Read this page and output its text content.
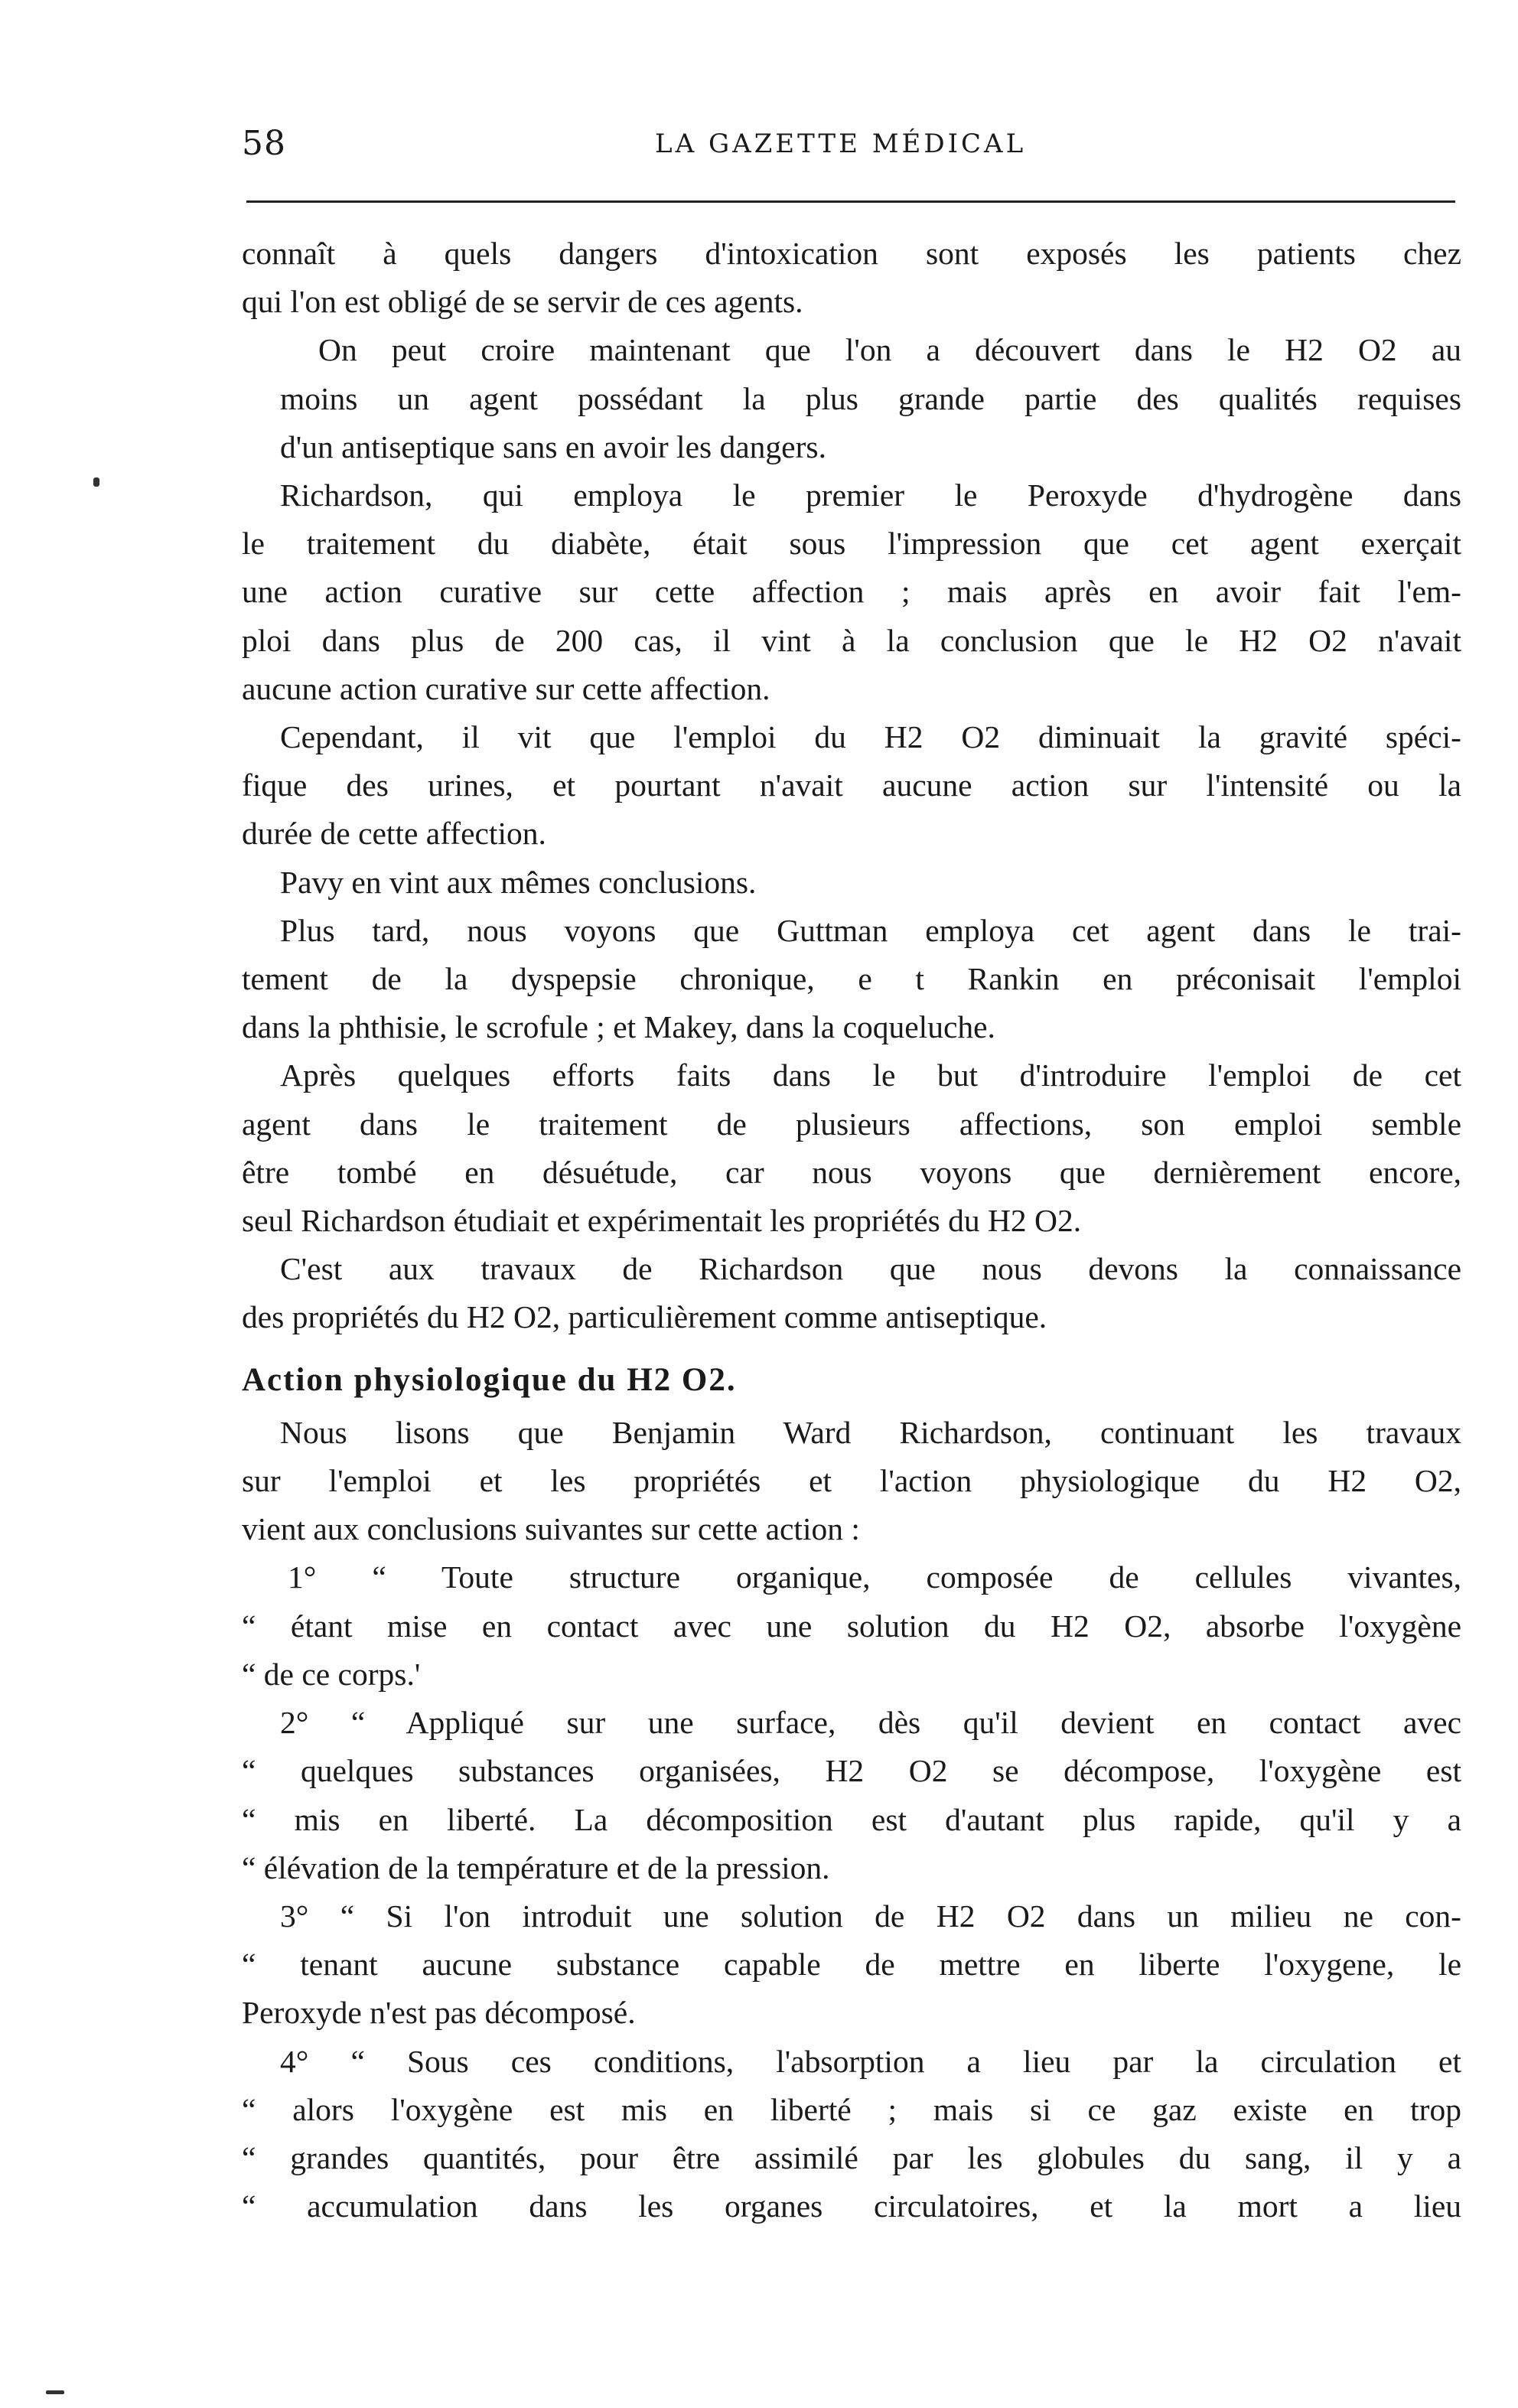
58	LA GAZETTE MÉDICAL

connaît à quels dangers d'intoxication sont exposés les patients chez
qui l'on est obligé de se servir de ces agents.

On peut croire maintenant que l'on a découvert dans le H2 O2 au
moins un agent possédant la plus grande partie des qualités requises
d'un antiseptique sans en avoir les dangers.

Richardson, qui employa le premier le Peroxyde d'hydrogène dans
le traitement du diabète, était sous l'impression que cet agent exerçait
une action curative sur cette affection ; mais après en avoir fait l'em-
ploi dans plus de 200 cas, il vint à la conclusion que le H2 O2 n'avait
aucune action curative sur cette affection.

Cependant, il vit que l'emploi du H2 O2 diminuait la gravité spéci-
fique des urines, et pourtant n'avait aucune action sur l'intensité ou la
durée de cette affection.

Pavy en vint aux mêmes conclusions.

Plus tard, nous voyons que Guttman employa cet agent dans le trai-
tement de la dyspepsie chronique, e t Rankin en préconisait l'emploi
dans la phthisie, le scrofule ; et Makey, dans la coqueluche.

Après quelques efforts faits dans le but d'introduire l'emploi de cet
agent dans le traitement de plusieurs affections, son emploi semble
être tombé en désuétude, car nous voyons que dernièrement encore,
seul Richardson étudiait et expérimentait les propriétés du H2 O2.

C'est aux travaux de Richardson que nous devons la connaissance
des propriétés du H2 O2, particulièrement comme antiseptique.

Action physiologique du H2 O2.

Nous lisons que Benjamin Ward Richardson, continuant les travaux
sur l'emploi et les propriétés et l'action physiologique du H2 O2,
vient aux conclusions suivantes sur cette action :

1° “ Toute structure organique, composée de cellules vivantes,
“ étant mise en contact avec une solution du H2 O2, absorbe l'oxygène
“ de ce corps.'

2° “ Appliqué sur une surface, dès qu'il devient en contact avec
“ quelques substances organisées, H2 O2 se décompose, l'oxygène est
“ mis en liberté. La décomposition est d'autant plus rapide, qu'il y a
“ élévation de la température et de la pression.

3° “ Si l'on introduit une solution de H2 O2 dans un milieu ne con-
“ tenant aucune substance capable de mettre en liberte l'oxygene, le
Peroxyde n'est pas décomposé.

4° “ Sous ces conditions, l'absorption a lieu par la circulation et
“ alors l'oxygène est mis en liberté ; mais si ce gaz existe en trop
“ grandes quantités, pour être assimilé par les globules du sang, il y a
“ accumulation dans les organes circulatoires, et la mort a lieu
